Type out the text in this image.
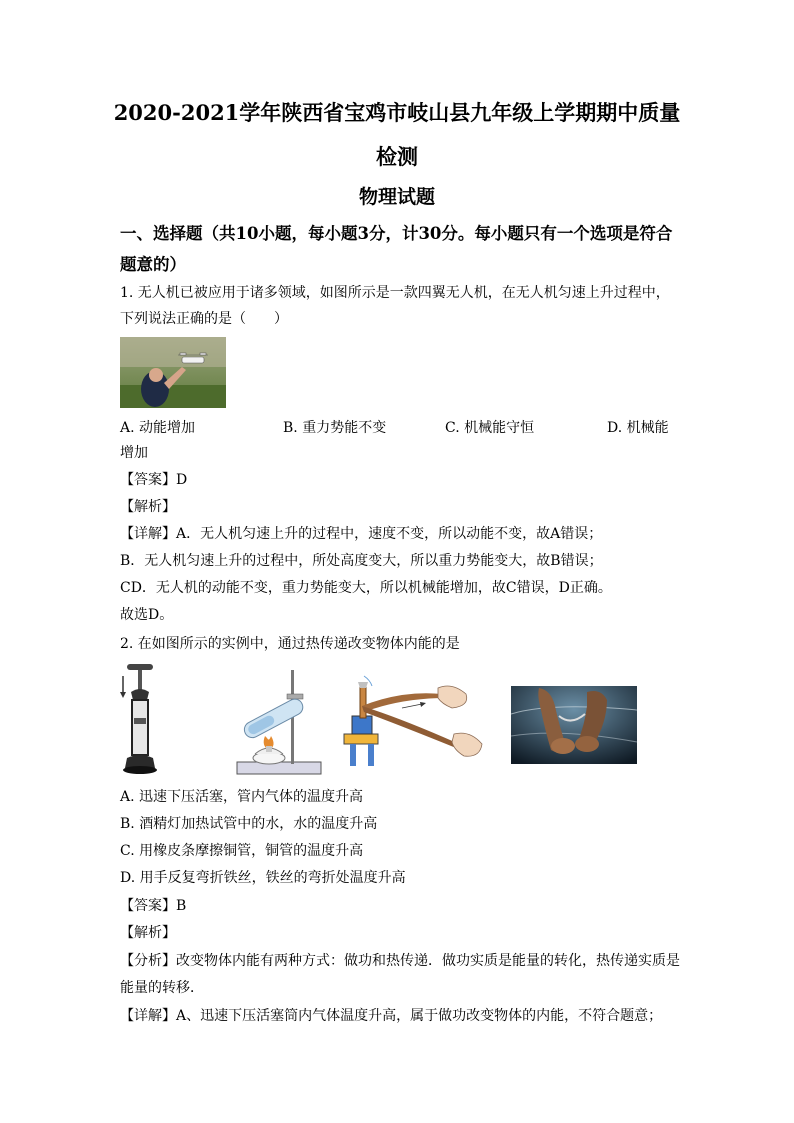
2020-2021学年陕西省宝鸡市岐山县九年级上学期期中质量
检测
物理试题
一、选择题（共10小题，每小题3分，计30分。每小题只有一个选项是符合
题意的）
1. 无人机已被应用于诸多领域，如图所示是一款四翼无人机，在无人机匀速上升过程中，
下列说法正确的是（　　）
A. 动能增加	B. 重力势能不变	C. 机械能守恒	D. 机械能
增加
【答案】D
【解析】
【详解】A．无人机匀速上升的过程中，速度不变，所以动能不变，故A错误；
B．无人机匀速上升的过程中，所处高度变大，所以重力势能变大，故B错误；
CD．无人机的动能不变，重力势能变大，所以机械能增加，故C错误，D正确。
故选D。
2. 在如图所示的实例中，通过热传递改变物体内能的是
A. 迅速下压活塞，管内气体的温度升高
B. 酒精灯加热试管中的水，水的温度升高
C. 用橡皮条摩擦铜管，铜管的温度升高
D. 用手反复弯折铁丝，铁丝的弯折处温度升高
【答案】B
【解析】
【分析】改变物体内能有两种方式：做功和热传递．做功实质是能量的转化，热传递实质是
能量的转移．
【详解】A、迅速下压活塞筒内气体温度升高，属于做功改变物体的内能，不符合题意；
